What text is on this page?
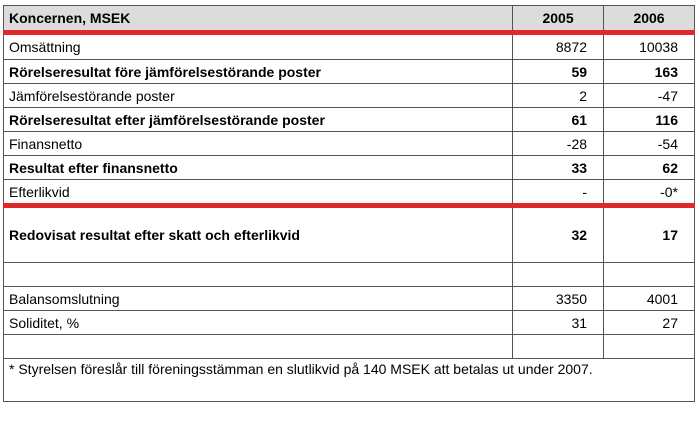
Koncernen, MSEK	2005	2006
Omsättning	8872	10038
Rörelseresultat före jämförelsestörande poster	59	163
Jämförelsestörande poster	2	-47
Rörelseresultat efter jämförelsestörande poster	61	116
Finansnetto	-28	-54
Resultat efter finansnetto	33	62
Efterlikvid	-	-0*
Redovisat resultat efter skatt och efterlikvid	32	17

Balansomslutning	3350	4001
Soliditet, %	31	27

* Styrelsen föreslår till föreningsstämman en slutlikvid på 140 MSEK att betalas ut under 2007.		
